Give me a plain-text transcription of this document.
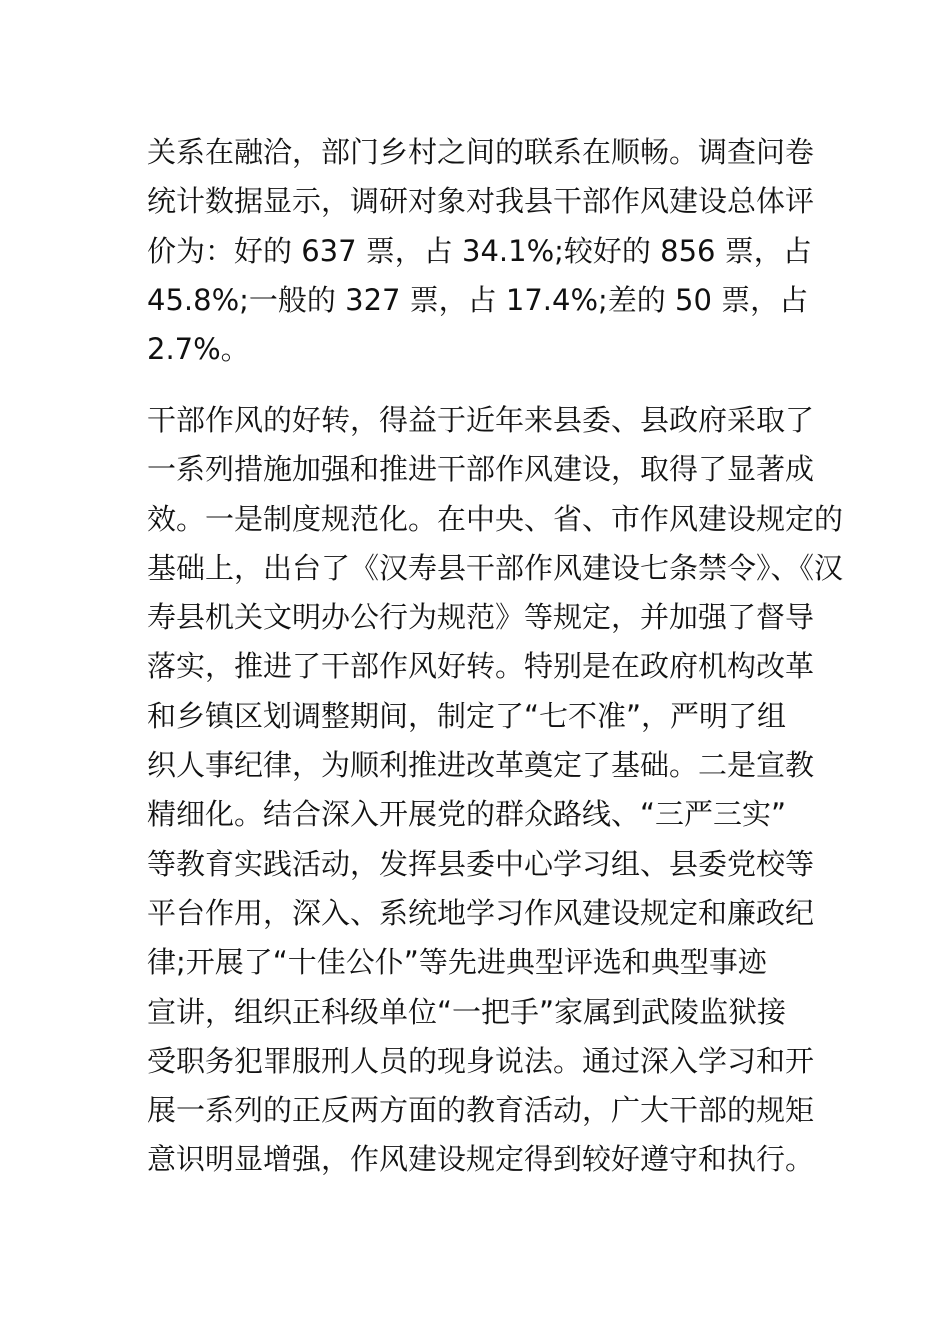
关系在融洽，部门乡村之间的联系在顺畅。调查问卷
统计数据显示，调研对象对我县干部作风建设总体评
价为：好的 637 票，占 34.1%;较好的 856 票，占
45.8%;一般的 327 票，占 17.4%;差的 50 票，占
2.7%。

干部作风的好转，得益于近年来县委、县政府采取了
一系列措施加强和推进干部作风建设，取得了显著成
效。一是制度规范化。在中央、省、市作风建设规定的
基础上，出台了《汉寿县干部作风建设七条禁令》、《汉
寿县机关文明办公行为规范》等规定，并加强了督导
落实，推进了干部作风好转。特别是在政府机构改革
和乡镇区划调整期间，制定了“七不准”，严明了组
织人事纪律，为顺利推进改革奠定了基础。二是宣教
精细化。结合深入开展党的群众路线、“三严三实”
等教育实践活动，发挥县委中心学习组、县委党校等
平台作用，深入、系统地学习作风建设规定和廉政纪
律;开展了“十佳公仆”等先进典型评选和典型事迹
宣讲，组织正科级单位“一把手”家属到武陵监狱接
受职务犯罪服刑人员的现身说法。通过深入学习和开
展一系列的正反两方面的教育活动，广大干部的规矩
意识明显增强，作风建设规定得到较好遵守和执行。
